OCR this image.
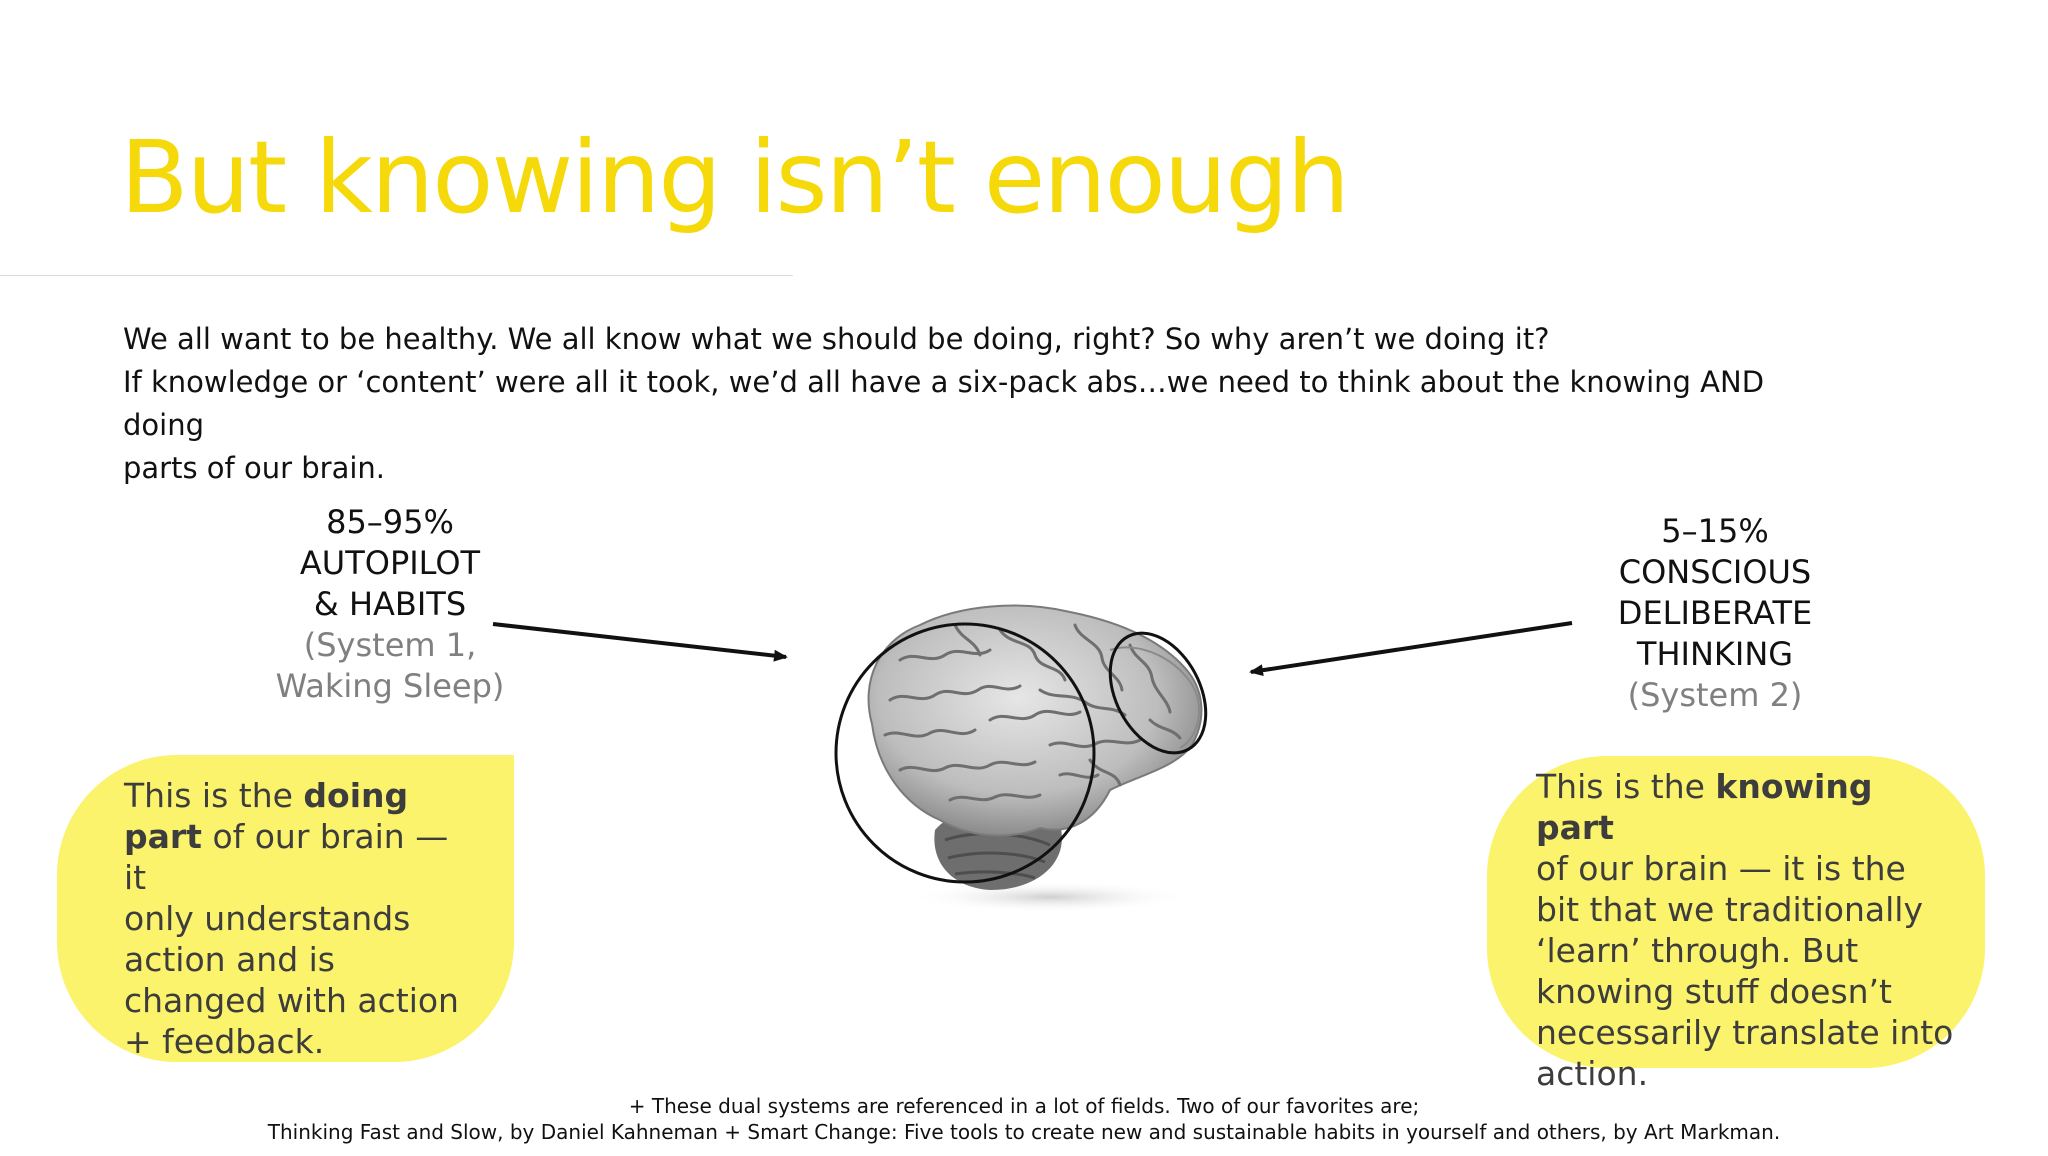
But knowing isn’t enough

We all want to be healthy. We all know what we should be doing, right? So why aren’t we doing it?

If knowledge or ‘content’ were all it took, we’d all have a six-pack abs…we need to think about the knowing AND doing

parts of our brain.

85–95%
AUTOPILOT
& HABITS
(System 1,
Waking Sleep)
5–15%
CONSCIOUS
DELIBERATE
THINKING
(System 2)
This is the doing
part of our brain — it
only understands
action and is
changed with action
+ feedback.
This is the knowing part
of our brain — it is the
bit that we traditionally
‘learn’ through. But
knowing stuff doesn’t
necessarily translate into
action.
+ These dual systems are referenced in a lot of fields. Two of our favorites are;
Thinking Fast and Slow, by Daniel Kahneman + Smart Change: Five tools to create new and sustainable habits in yourself and others, by Art Markman.
